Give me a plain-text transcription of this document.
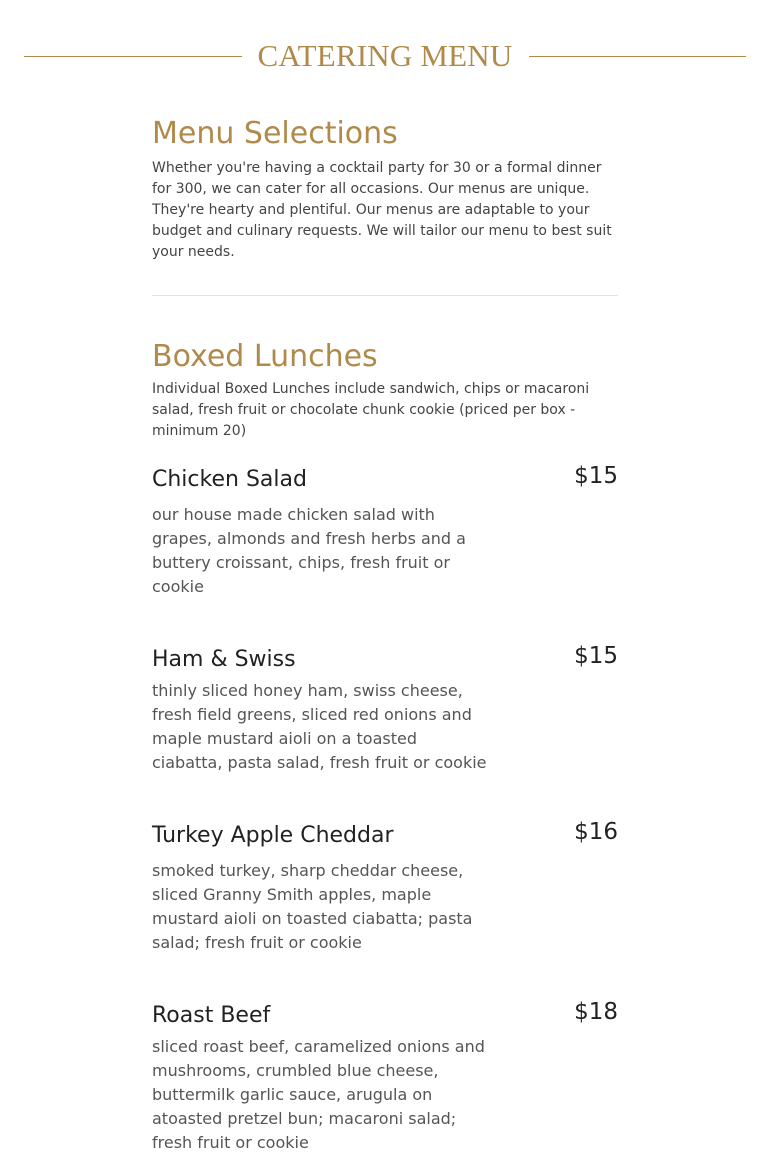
CATERING MENU
Menu Selections

Whether you're having a cocktail party for 30 or a formal dinner for 300, we can cater for all occasions. Our menus are unique. They're hearty and plentiful. Our menus are adaptable to your budget and culinary requests. We will tailor our menu to best suit your needs.

Boxed Lunches

Individual Boxed Lunches include sandwich, chips or macaroni salad, fresh fruit or chocolate chunk cookie (priced per box - minimum 20)

Chicken Salad	$15

our house made chicken salad with grapes, almonds and fresh herbs and a buttery croissant, chips, fresh fruit or cookie

Ham & Swiss	$15

thinly sliced honey ham, swiss cheese, fresh field greens, sliced red onions and maple mustard aioli on a toasted ciabatta, pasta salad, fresh fruit or cookie

Turkey Apple Cheddar	$16

smoked turkey, sharp cheddar cheese, sliced Granny Smith apples, maple mustard aioli on toasted ciabatta; pasta salad; fresh fruit or cookie

Roast Beef	$18

sliced roast beef, caramelized onions and mushrooms, crumbled blue cheese, buttermilk garlic sauce, arugula on atoasted pretzel bun; macaroni salad; fresh fruit or cookie
